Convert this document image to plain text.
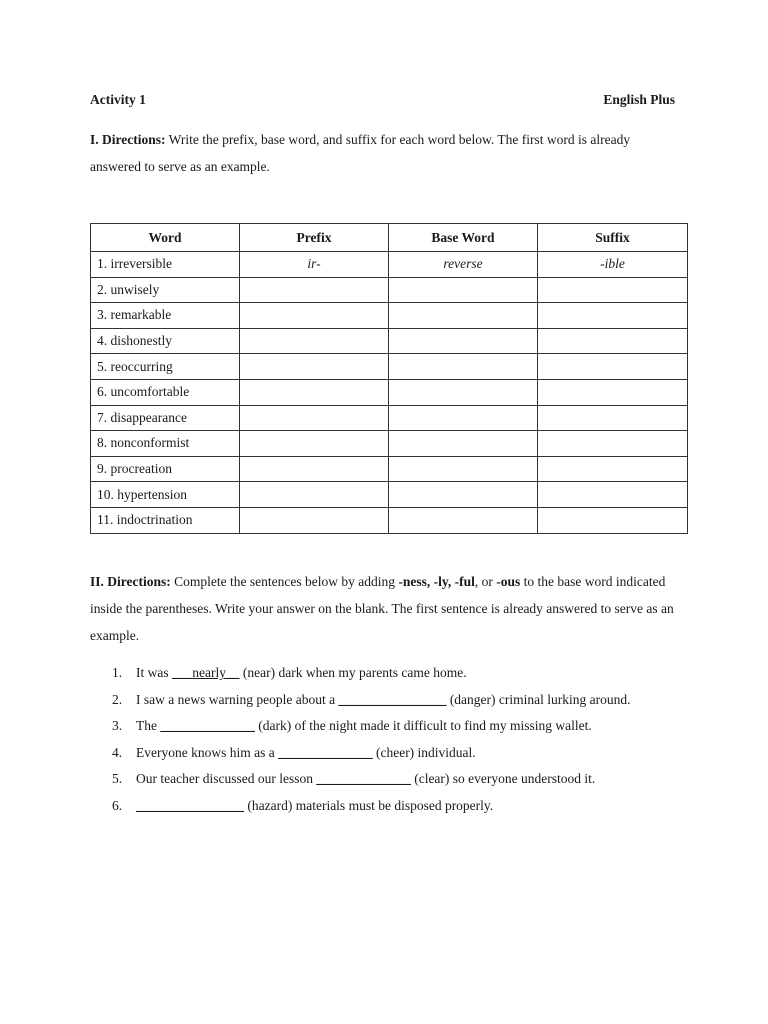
Activity 1	English Plus
I. Directions: Write the prefix, base word, and suffix for each word below. The first word is already answered to serve as an example.
Word	Prefix	Base Word	Suffix
1. irreversible	ir-	reverse	-ible
2. unwisely			
3. remarkable			
4. dishonestly			
5. reoccurring			
6. uncomfortable			
7. disappearance			
8. nonconformist			
9. procreation			
10. hypertension			
11. indoctrination			
II. Directions: Complete the sentences below by adding -ness, -ly, -ful, or -ous to the base word indicated inside the parentheses. Write your answer on the blank. The first sentence is already answered to serve as an example.
1. It was ___nearly__ (near) dark when my parents came home.
2. I saw a news warning people about a ________________ (danger) criminal lurking around.
3. The ______________ (dark) of the night made it difficult to find my missing wallet.
4. Everyone knows him as a ______________ (cheer) individual.
5. Our teacher discussed our lesson ______________ (clear) so everyone understood it.
6. ________________ (hazard) materials must be disposed properly.
